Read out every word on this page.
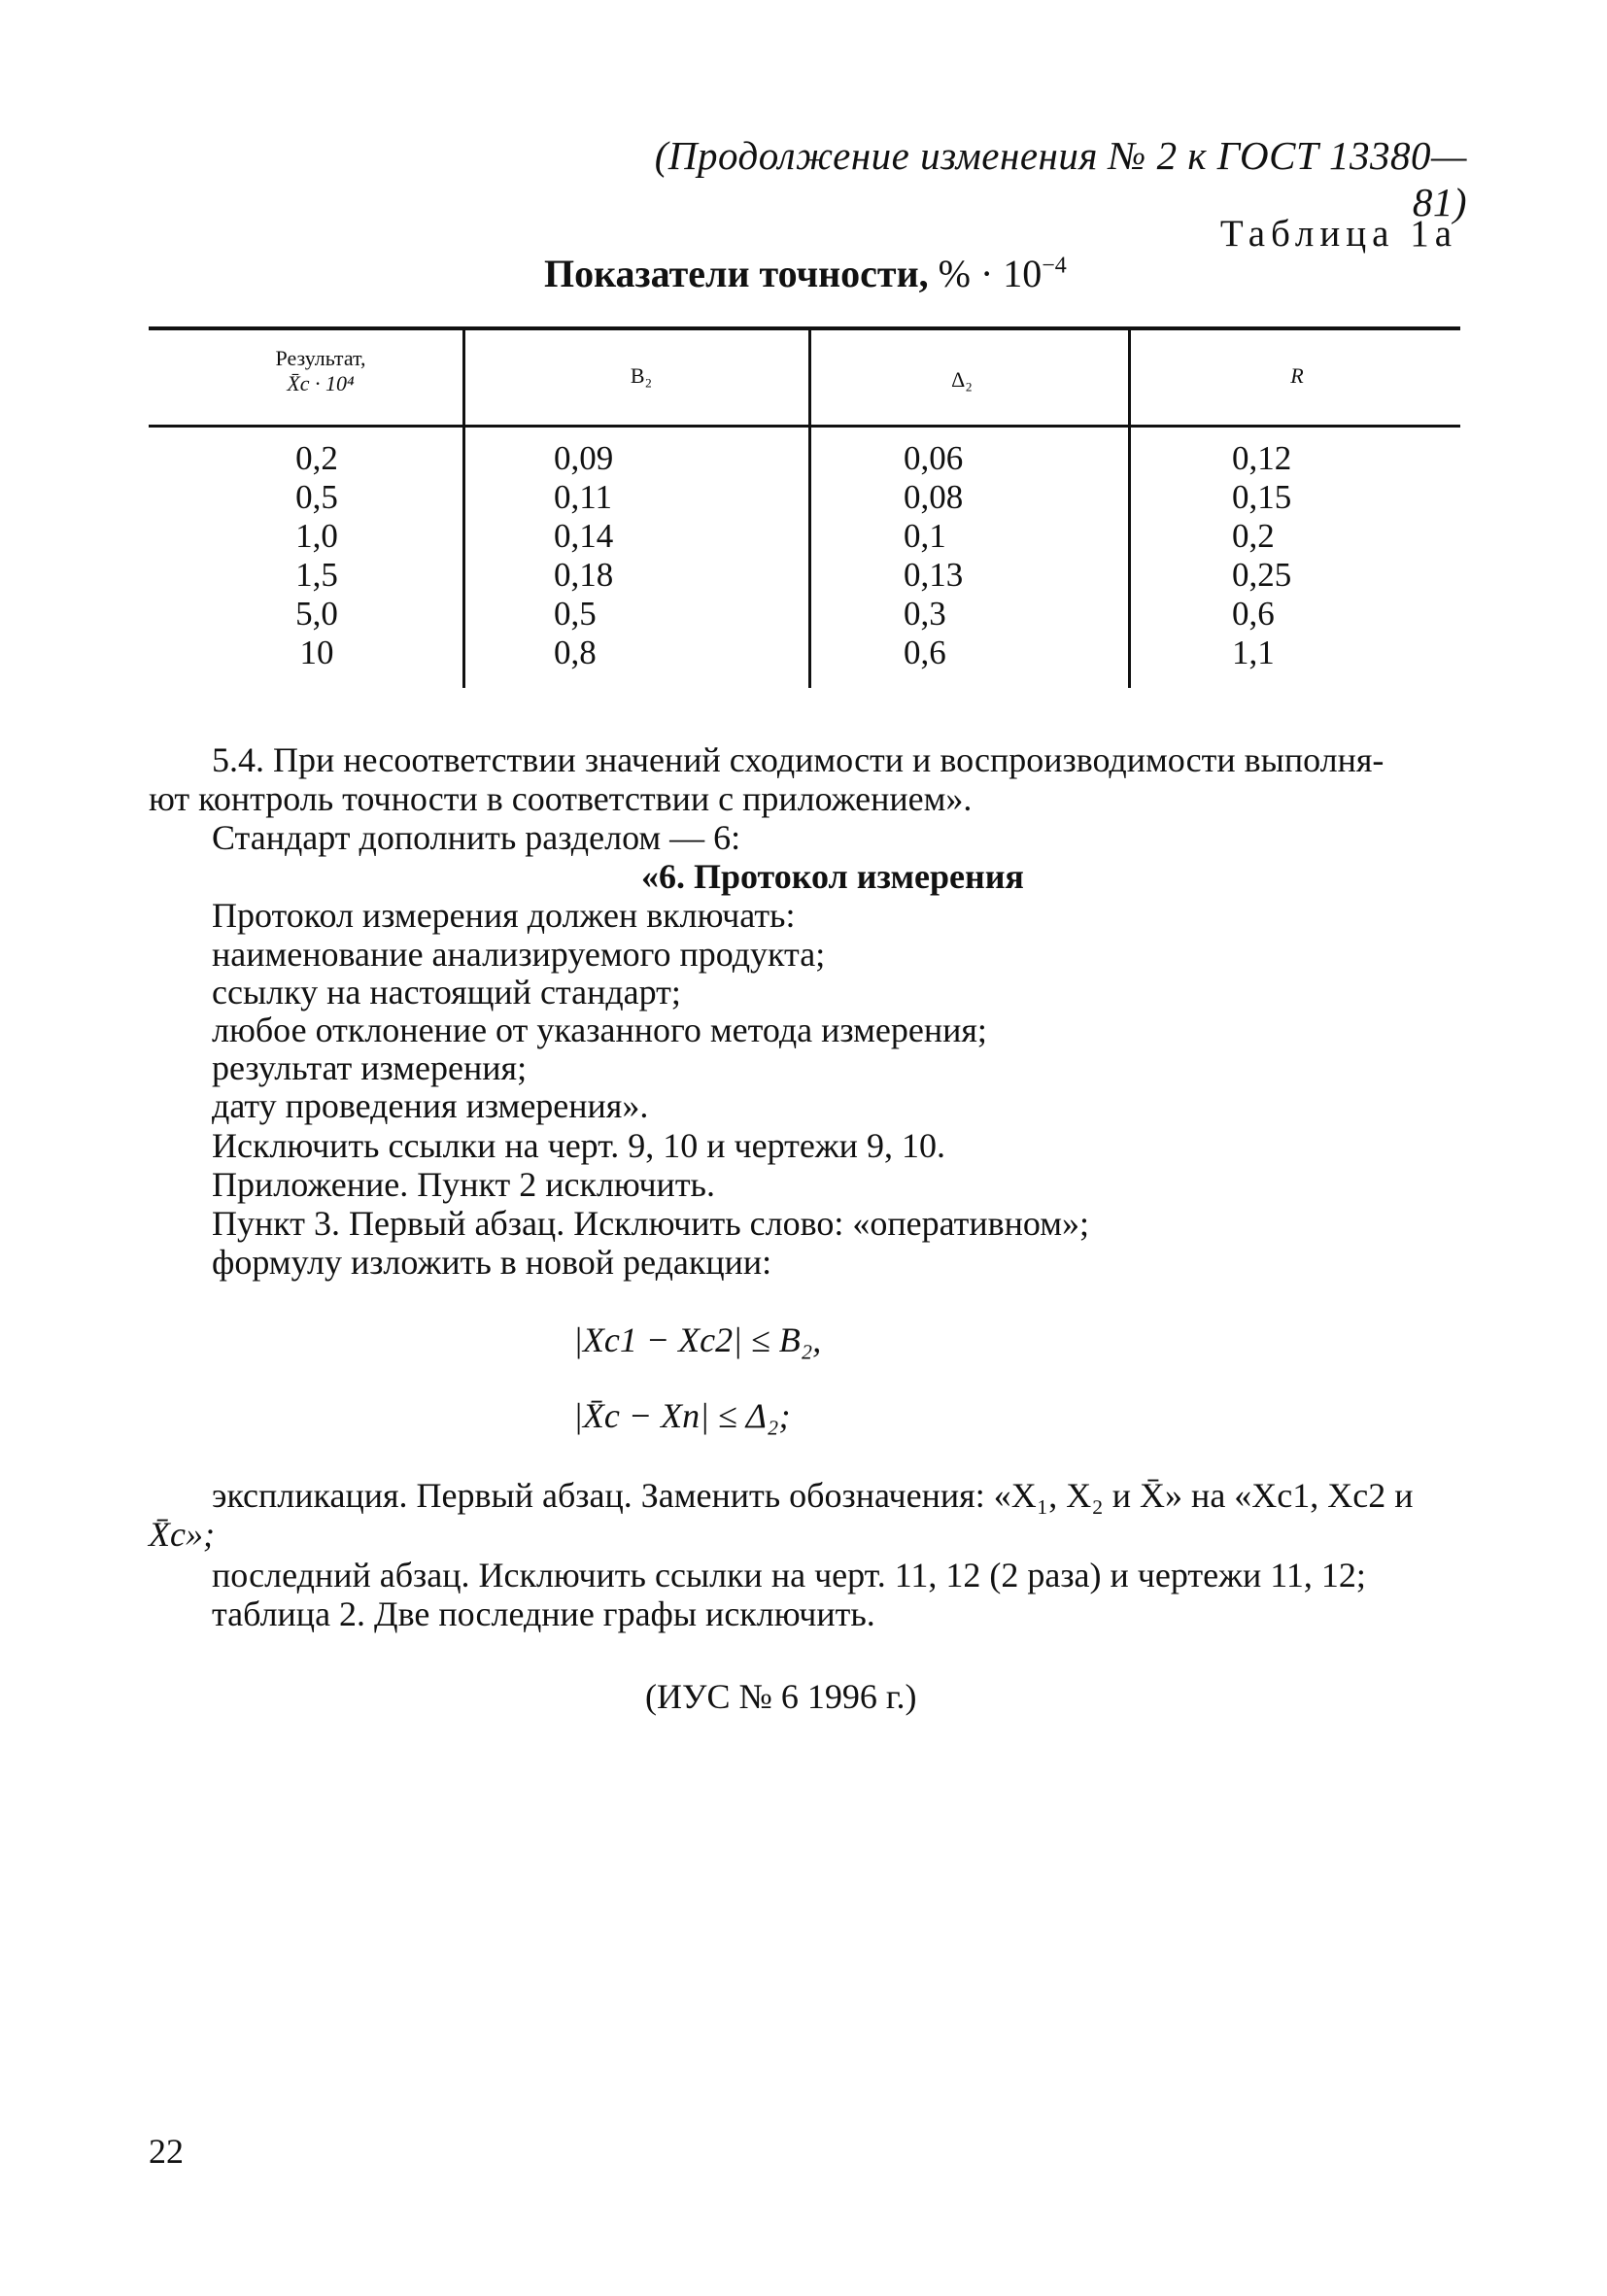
(Продолжение изменения № 2 к ГОСТ 13380—81)
Таблица 1а
Показатели точности, % · $10^{-4}$
Результат,
X̄c · 10⁴	B₂	Δ₂	R
0,2	0,09	0,06	0,12
0,5	0,11	0,08	0,15
1,0	0,14	0,1	0,2
1,5	0,18	0,13	0,25
5,0	0,5	0,3	0,6
10	0,8	0,6	1,1
5.4. При несоответствии значений сходимости и воспроизводимости выполня-
ют контроль точности в соответствии с приложением».
Стандарт дополнить разделом — 6:
«6. Протокол измерения
Протокол измерения должен включать:
наименование анализируемого продукта;
ссылку на настоящий стандарт;
любое отклонение от указанного метода измерения;
результат измерения;
дату проведения измерения».
Исключить ссылки на черт. 9, 10 и чертежи 9, 10.
Приложение. Пункт 2 исключить.
Пункт 3. Первый абзац. Исключить слово: «оперативном»;
формулу изложить в новой редакции:
|Xc1 − Xc2| ≤ B₂,
|X̄c − Xп| ≤ Δ₂;
экспликация. Первый абзац. Заменить обозначения: «X₁, X₂ и X̄» на «Xc1, Xc2 и
X̄c»;
последний абзац. Исключить ссылки на черт. 11, 12 (2 раза) и чертежи 11, 12;
таблица 2. Две последние графы исключить.
(ИУС № 6 1996 г.)
22
